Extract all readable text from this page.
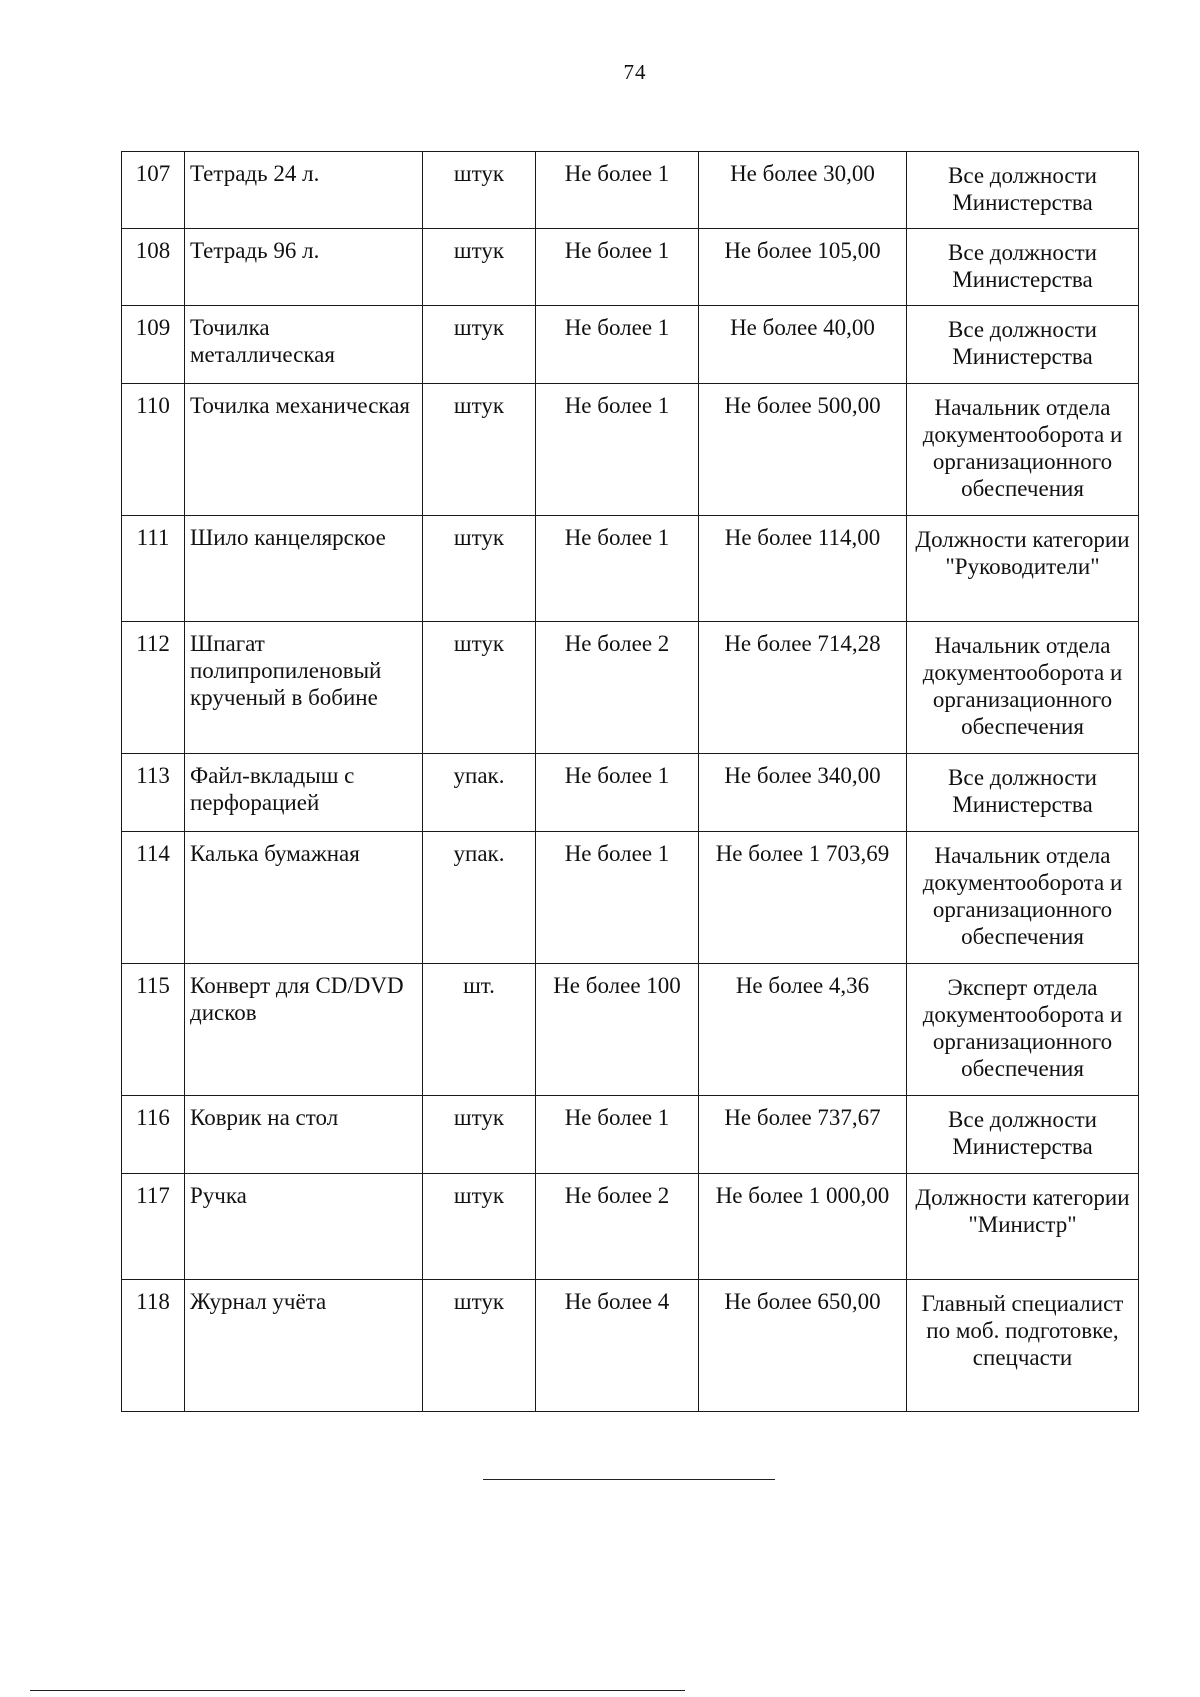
74
107	Тетрадь 24 л.	штук	Не более 1	Не более 30,00	Все должности Министерства
108	Тетрадь 96 л.	штук	Не более 1	Не более 105,00	Все должности Министерства
109	Точилка металлическая	штук	Не более 1	Не более 40,00	Все должности Министерства
110	Точилка механическая	штук	Не более 1	Не более 500,00	Начальник отдела документооборота и организационного обеспечения
111	Шило канцелярское	штук	Не более 1	Не более 114,00	Должности категории "Руководители"
112	Шпагат полипропиленовый крученый в бобине	штук	Не более 2	Не более 714,28	Начальник отдела документооборота и организационного обеспечения
113	Файл-вкладыш с перфорацией	упак.	Не более 1	Не более 340,00	Все должности Министерства
114	Калька бумажная	упак.	Не более 1	Не более 1 703,69	Начальник отдела документооборота и организационного обеспечения
115	Конверт для CD/DVD дисков	шт.	Не более 100	Не более 4,36	Эксперт отдела документооборота и организационного обеспечения
116	Коврик на стол	штук	Не более 1	Не более 737,67	Все должности Министерства
117	Ручка	штук	Не более 2	Не более 1 000,00	Должности категории "Министр"
118	Журнал учёта	штук	Не более 4	Не более 650,00	Главный специалист по моб. подготовке, спецчасти
